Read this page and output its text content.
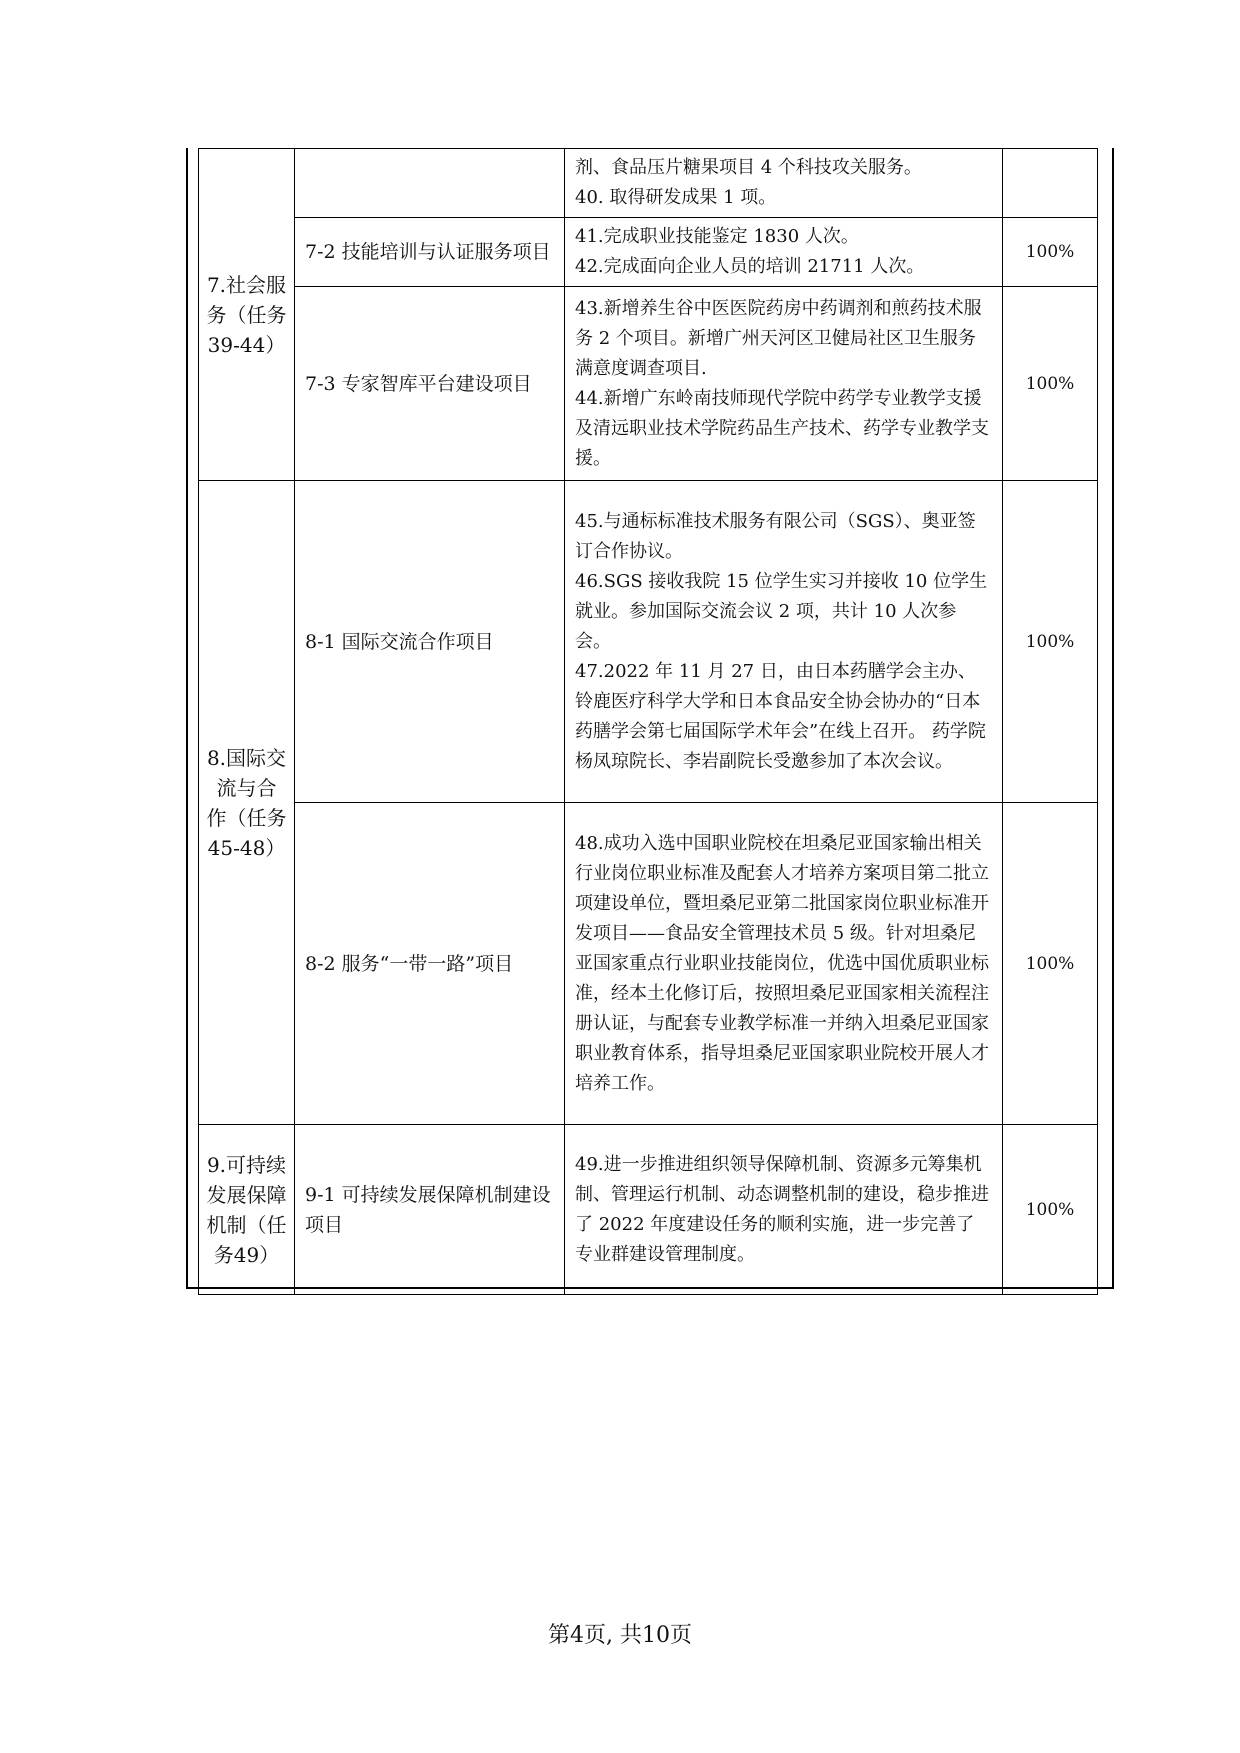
7.社会服 务（任务 39-44）		剂、食品压片糖果项目 4 个科技攻关服务。
40. 取得研发成果 1 项。		

	7-2 技能培训与认证服务项目	41.完成职业技能鉴定 1830 人次。
42.完成面向企业人员的培训 21711 人次。	100%	
	7-3 专家智库平台建设项目	43.新增养生谷中医医院药房中药调剂和煎药技术服务 2 个项目。新增广州天河区卫健局社区卫生服务满意度调查项目.
44.新增广东岭南技师现代学院中药学专业教学支援及清远职业技术学院药品生产技术、药学专业教学支援。	100%	
8.国际交流与合 作（任务 45-48）	8-1 国际交流合作项目	45.与通标标准技术服务有限公司（SGS）、奥亚签订合作协议。
46.SGS 接收我院 15 位学生实习并接收 10 位学生就业。参加国际交流会议 2 项，共计 10 人次参会。
47.2022 年 11 月 27 日，由日本药膳学会主办、铃鹿医疗科学大学和日本食品安全协会协办的“日本药膳学会第七届国际学术年会”在线上召开。 药学院杨凤琼院长、李岩副院长受邀参加了本次会议。	100%	
	8-2 服务“一带一路”项目	48.成功入选中国职业院校在坦桑尼亚国家输出相关行业岗位职业标准及配套人才培养方案项目第二批立项建设单位，暨坦桑尼亚第二批国家岗位职业标准开发项目——食品安全管理技术员 5 级。针对坦桑尼亚国家重点行业职业技能岗位，优选中国优质职业标准，经本土化修订后，按照坦桑尼亚国家相关流程注册认证，与配套专业教学标准一并纳入坦桑尼亚国家职业教育体系，指导坦桑尼亚国家职业院校开展人才培养工作。	100%	
9.可持续发展保障机制（任务49）	9-1 可持续发展保障机制建设项目	49.进一步推进组织领导保障机制、资源多元筹集机制、管理运行机制、动态调整机制的建设，稳步推进了 2022 年度建设任务的顺利实施，进一步完善了专业群建设管理制度。	100%	
第4页, 共10页
